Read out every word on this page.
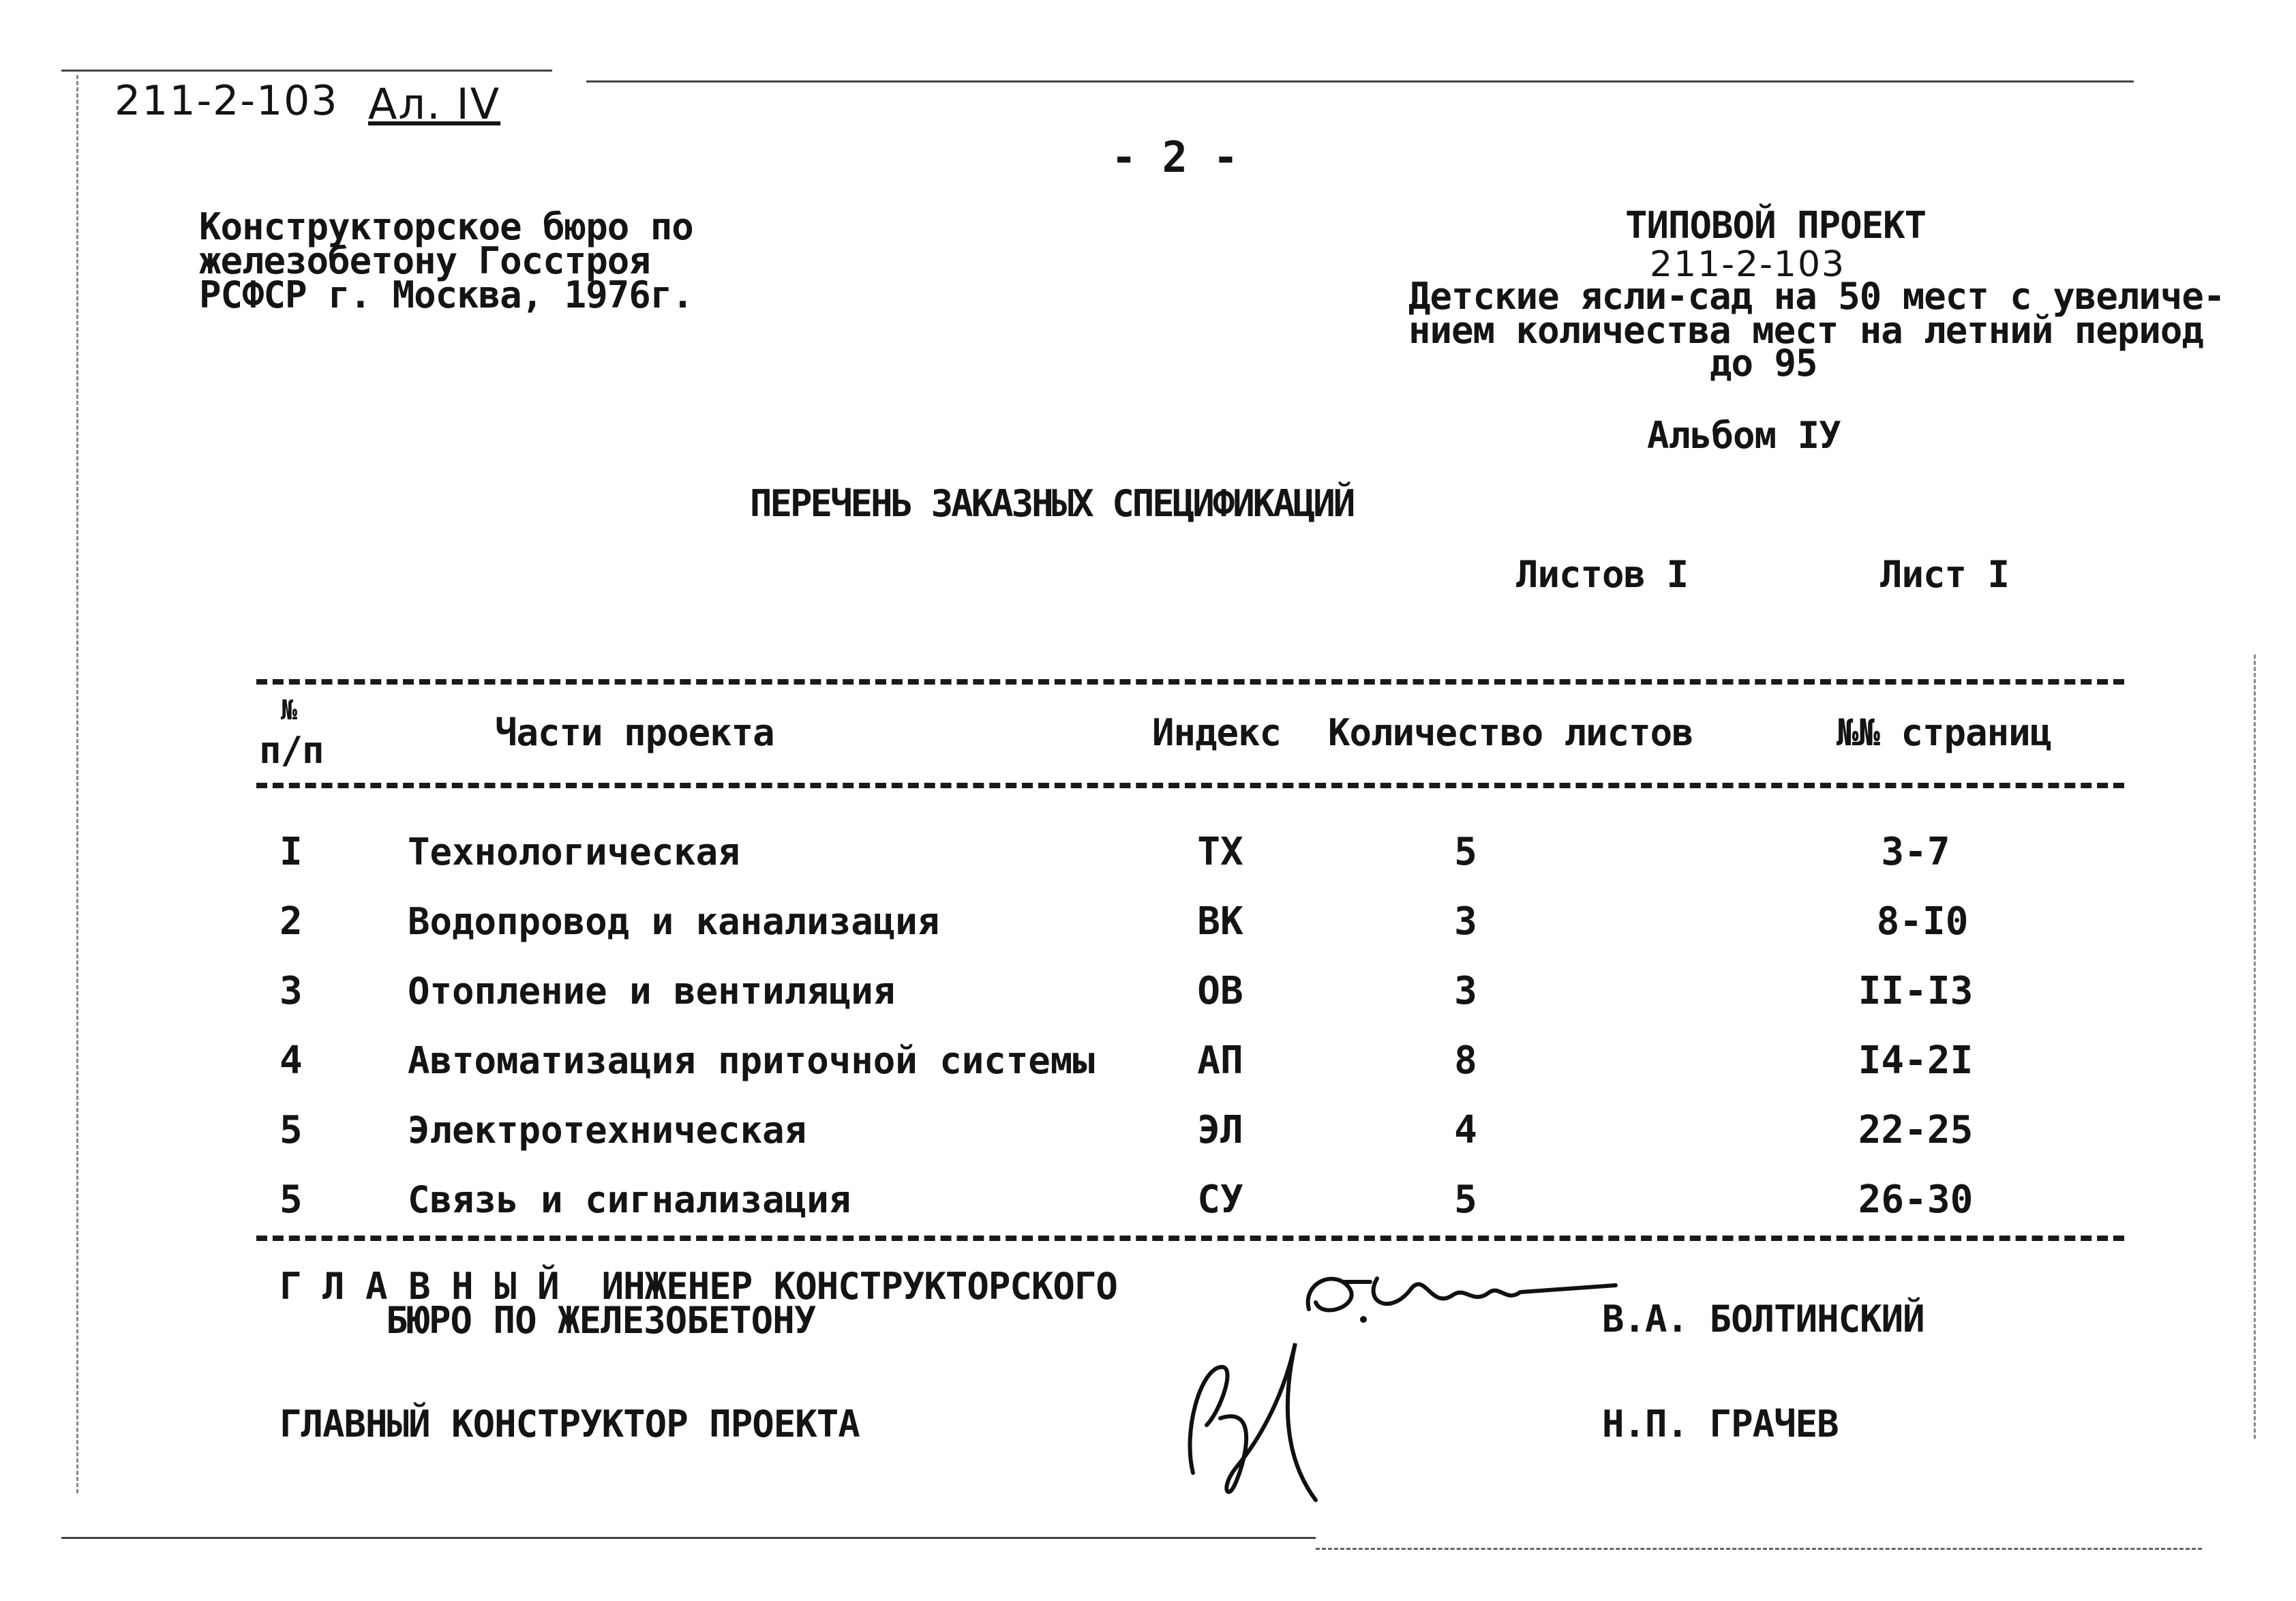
211-2-103 Ал. IV
- 2 -
Конструкторское бюро по
железобетону Госстроя
РСФСР г. Москва, 1976г.
ТИПОВОЙ ПРОЕКТ
211-2-103
Детские ясли-сад на 50 мест с увеличе-
нием количества мест на летний период
до 95
Альбом IУ
ПЕРЕЧЕНЬ ЗАКАЗНЫХ СПЕЦИФИКАЦИЙ
Листов I	Лист I
№
п/п	Части проекта	Индекс Количество листов	№№ страниц
I	Технологическая	ТХ	5	3-7
2	Водопровод и канализация	ВК	3	8-I0
3	Отопление и вентиляция	ОВ	3	II-I3
4	Автоматизация приточной системы	АП	8	I4-2I
5	Электротехническая	ЭЛ	4	22-25
5	Связь и сигнализация	СУ	5	26-30
Г Л А В Н Ы Й  ИНЖЕНЕР КОНСТРУКТОРСКОГО
БЮРО ПО ЖЕЛЕЗОБЕТОНУ	В.А. БОЛТИНСКИЙ
ГЛАВНЫЙ КОНСТРУКТОР ПРОЕКТА	Н.П. ГРАЧЕВ
